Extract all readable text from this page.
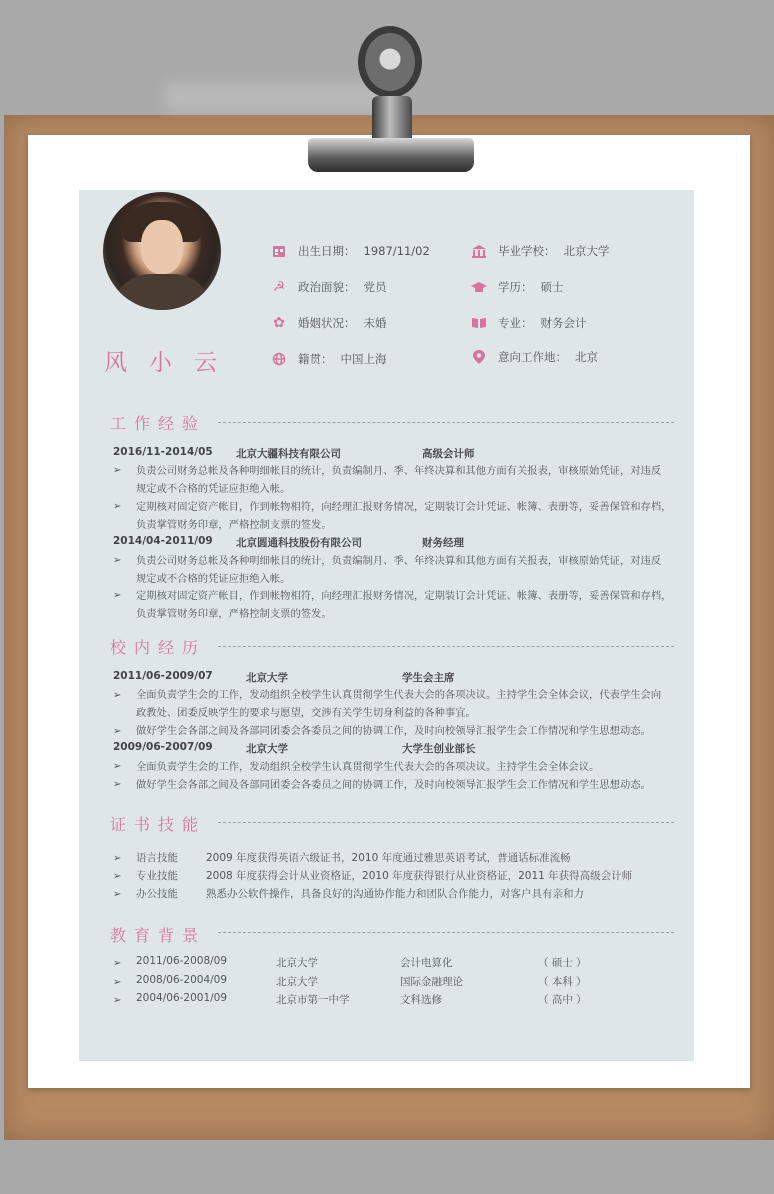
风小云
出生日期： 1987/11/02
☭ 政治面貌： 党员
✿ 婚姻状况： 未婚
籍贯： 中国上海
毕业学校： 北京大学
学历： 硕士
专业： 财务会计
意向工作地： 北京
工作经验
2016/11-2014/05 北京大疆科技有限公司	高级会计师
➢ 负责公司财务总帐及各种明细帐目的统计，负责编制月、季、年终决算和其他方面有关报表，审核原始凭证，对违反
规定或不合格的凭证应拒绝入帐。
➢ 定期核对固定资产帐目，作到帐物相符，向经理汇报财务情况，定期装订会计凭证、帐簿、表册等，妥善保管和存档，
负责掌管财务印章，严格控制支票的签发。
2014/04-2011/09 北京圆通科技股份有限公司	财务经理
➢ 负责公司财务总帐及各种明细帐目的统计，负责编制月、季、年终决算和其他方面有关报表，审核原始凭证，对违反
规定或不合格的凭证应拒绝入帐。
➢ 定期核对固定资产帐目，作到帐物相符，向经理汇报财务情况，定期装订会计凭证、帐簿、表册等，妥善保管和存档，
负责掌管财务印章，严格控制支票的签发。
校内经历
2011/06-2009/07	北京大学	学生会主席
➢ 全面负责学生会的工作，发动组织全校学生认真贯彻学生代表大会的各项决议。主持学生会全体会议，代表学生会向
政教处、团委反映学生的要求与愿望，交涉有关学生切身利益的各种事宜。
➢ 做好学生会各部之间及各部同团委会各委员之间的协调工作，及时向校领导汇报学生会工作情况和学生思想动态。
2009/06-2007/09	北京大学	大学生创业部长
➢ 全面负责学生会的工作，发动组织全校学生认真贯彻学生代表大会的各项决议。主持学生会全体会议。
➢ 做好学生会各部之间及各部同团委会各委员之间的协调工作，及时向校领导汇报学生会工作情况和学生思想动态。
证书技能
➢ 语言技能	2009 年度获得英语六级证书，2010 年度通过雅思英语考试，普通话标准流畅
➢ 专业技能	2008 年度获得会计从业资格证，2010 年度获得银行从业资格证，2011 年获得高级会计师
➢ 办公技能	熟悉办公软件操作，具备良好的沟通协作能力和团队合作能力，对客户具有亲和力
教育背景
➢ 2011/06-2008/09	北京大学	会计电算化	（ 硕士 ）
➢ 2008/06-2004/09	北京大学	国际金融理论	（ 本科 ）
➢ 2004/06-2001/09	北京市第一中学	文科选修	（ 高中 ）
